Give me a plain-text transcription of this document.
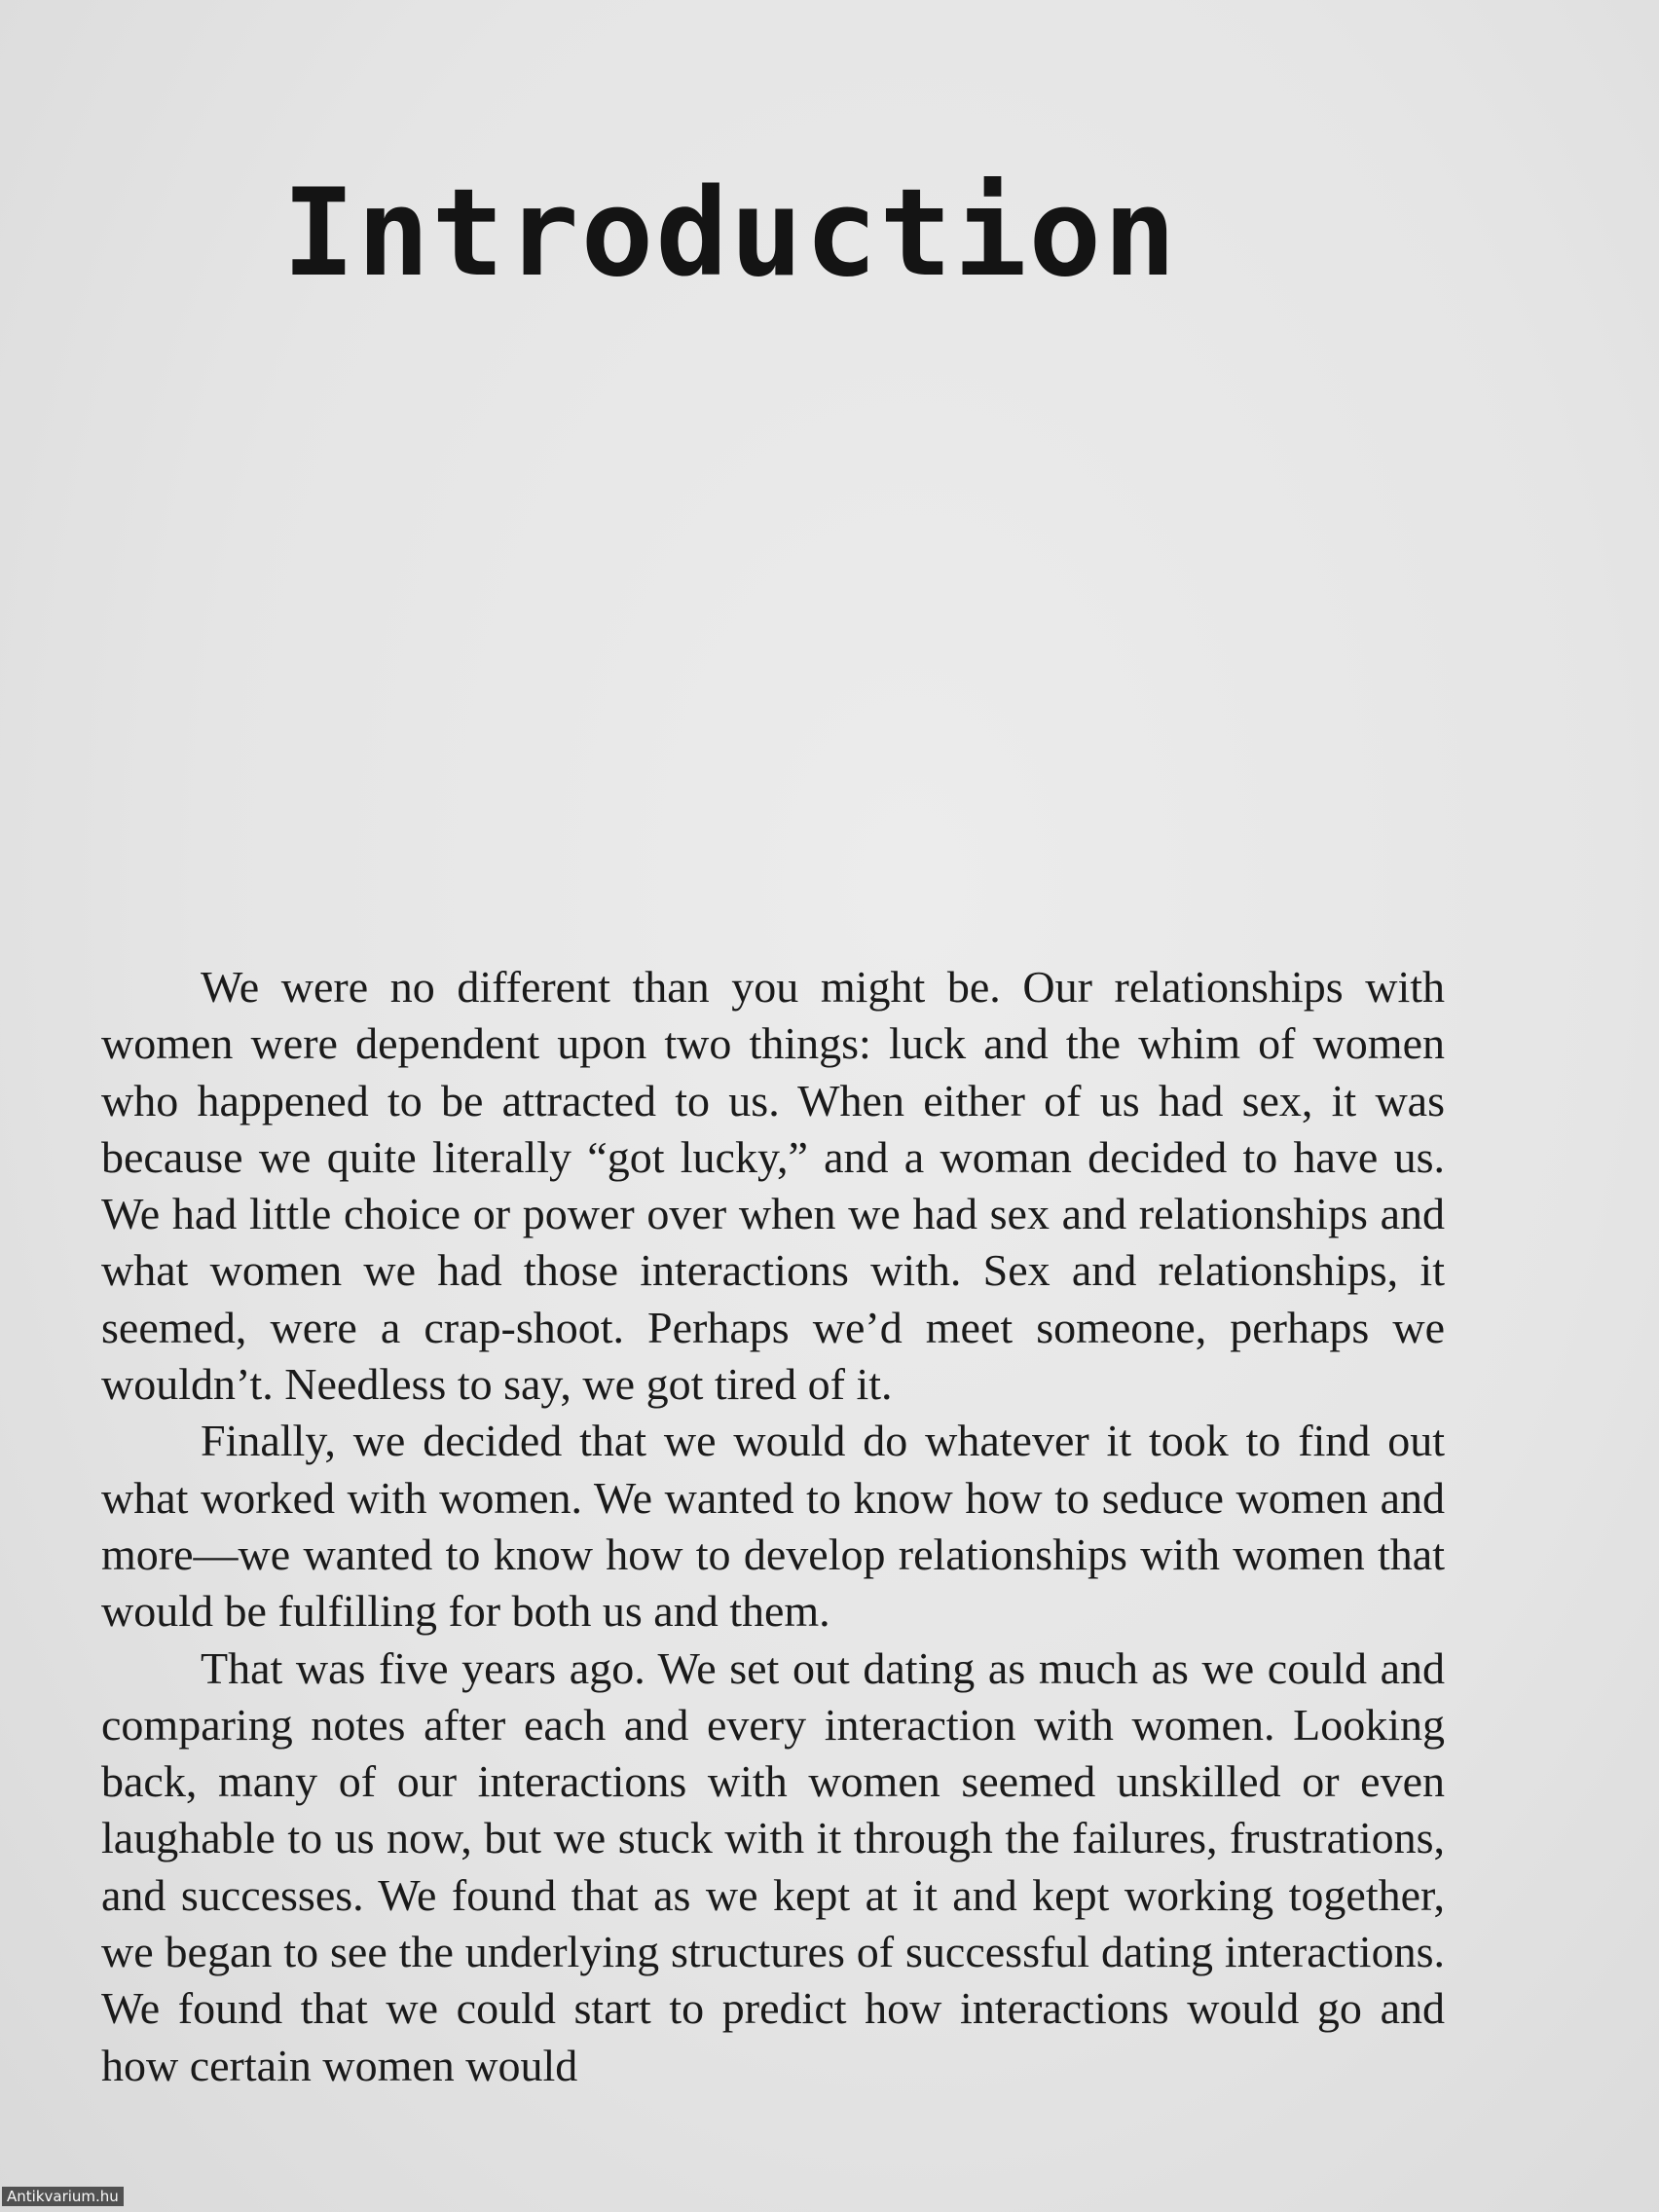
Introduction

We were no different than you might be. Our relationships with women were dependent upon two things: luck and the whim of women who happened to be attracted to us. When either of us had sex, it was because we quite literally “got lucky,” and a woman decided to have us. We had little choice or power over when we had sex and relationships and what women we had those interactions with. Sex and relationships, it seemed, were a crap-shoot. Perhaps we’d meet someone, perhaps we wouldn’t. Needless to say, we got tired of it.

Finally, we decided that we would do whatever it took to find out what worked with women. We wanted to know how to seduce women and more—we wanted to know how to develop relationships with women that would be fulfilling for both us and them.

That was five years ago. We set out dating as much as we could and comparing notes after each and every interaction with women. Looking back, many of our interactions with women seemed unskilled or even laughable to us now, but we stuck with it through the failures, frustrations, and successes. We found that as we kept at it and kept working together, we began to see the underlying structures of successful dating interactions. We found that we could start to predict how interactions would go and how certain women would

Antikvarium.hu
